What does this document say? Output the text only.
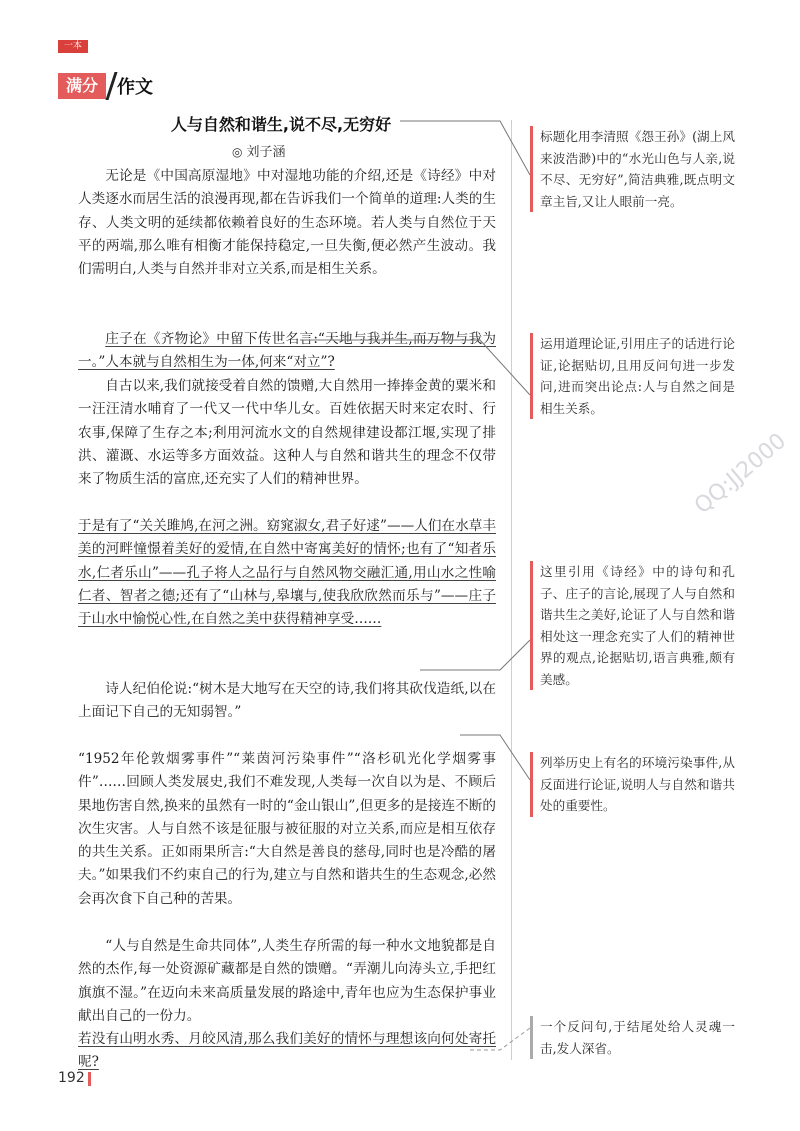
一本
满分	作文
人与自然和谐生,说不尽,无穷好
◎ 刘子涵

无论是《中国高原湿地》中对湿地功能的介绍,还是《诗经》中对人类逐水而居生活的浪漫再现,都在告诉我们一个简单的道理:人类的生存、人类文明的延续都依赖着良好的生态环境。若人类与自然位于天平的两端,那么唯有相衡才能保持稳定,一旦失衡,便必然产生波动。我们需明白,人类与自然并非对立关系,而是相生关系。

庄子在《齐物论》中留下传世名言:“天地与我并生,而万物与我为一。”人本就与自然相生为一体,何来“对立”?

自古以来,我们就接受着自然的馈赠,大自然用一捧捧金黄的粟米和一汪汪清水哺育了一代又一代中华儿女。百姓依据天时来定农时、行农事,保障了生存之本;利用河流水文的自然规律建设都江堰,实现了排洪、灌溉、水运等多方面效益。这种人与自然和谐共生的理念不仅带来了物质生活的富庶,还充实了人们的精神世界。

于是有了“关关雎鸠,在河之洲。窈窕淑女,君子好逑”——人们在水草丰美的河畔憧憬着美好的爱情,在自然中寄寓美好的情怀;也有了“知者乐水,仁者乐山”——孔子将人之品行与自然风物交融汇通,用山水之性喻仁者、智者之德;还有了“山林与,皋壤与,使我欣欣然而乐与”——庄子于山水中愉悦心性,在自然之美中获得精神享受……

诗人纪伯伦说:“树木是大地写在天空的诗,我们将其砍伐造纸,以在上面记下自己的无知弱智。”

“1952年伦敦烟雾事件”“莱茵河污染事件”“洛杉矶光化学烟雾事件”……回顾人类发展史,我们不难发现,人类每一次自以为是、不顾后果地伤害自然,换来的虽然有一时的“金山银山”,但更多的是接连不断的次生灾害。人与自然不该是征服与被征服的对立关系,而应是相互依存的共生关系。正如雨果所言:“大自然是善良的慈母,同时也是冷酷的屠夫。”如果我们不约束自己的行为,建立与自然和谐共生的生态观念,必然会再次食下自己种的苦果。

“人与自然是生命共同体”,人类生存所需的每一种水文地貌都是自然的杰作,每一处资源矿藏都是自然的馈赠。“弄潮儿向涛头立,手把红旗旗不湿。”在迈向未来高质量发展的路途中,青年也应为生态保护事业献出自己的一份力。

若没有山明水秀、月皎风清,那么我们美好的情怀与理想该向何处寄托呢?

标题化用李清照《怨王孙》(湖上风来波浩渺)中的“水光山色与人亲,说不尽、无穷好”,简洁典雅,既点明文章主旨,又让人眼前一亮。
运用道理论证,引用庄子的话进行论证,论据贴切,且用反问句进一步发问,进而突出论点:人与自然之间是相生关系。
这里引用《诗经》中的诗句和孔子、庄子的言论,展现了人与自然和谐共生之美好,论证了人与自然和谐相处这一理念充实了人们的精神世界的观点,论据贴切,语言典雅,颇有美感。
列举历史上有名的环境污染事件,从反面进行论证,说明人与自然和谐共处的重要性。
一个反问句,于结尾处给人灵魂一击,发人深省。
QQ:JJ2000
192
